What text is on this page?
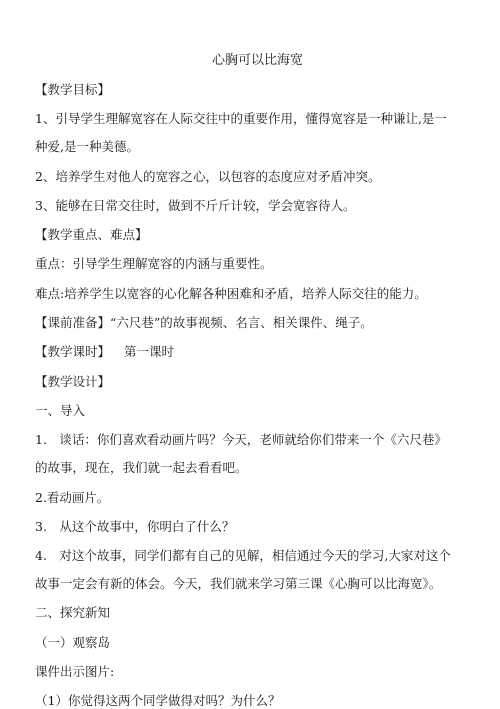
心胸可以比海宽
【教学目标】
1、引导学生理解宽容在人际交往中的重要作用，懂得宽容是一种谦让,是一
种爱,是一种美德。
2、培养学生对他人的宽容之心，以包容的态度应对矛盾冲突。
3、能够在日常交往时，做到不斤斤计较，学会宽容待人。
【教学重点、难点】
重点：引导学生理解宽容的内涵与重要性。
难点:培养学生以宽容的心化解各种困难和矛盾，培养人际交往的能力。
【课前准备】“六尺巷”的故事视频、名言、相关课件、绳子。
【教学课时】 第一课时
【教学设计】
一、导入
1.　谈话：你们喜欢看动画片吗？今天，老师就给你们带来一个《六尺巷》
的故事，现在，我们就一起去看看吧。
2.看动画片。
3.　从这个故事中，你明白了什么？
4.　对这个故事，同学们都有自己的见解，相信通过今天的学习,大家对这个
故事一定会有新的体会。今天，我们就来学习第三课《心胸可以比海宽》。
二、探究新知
（一）观察岛
课件出示图片:
（1）你觉得这两个同学做得对吗？为什么？
